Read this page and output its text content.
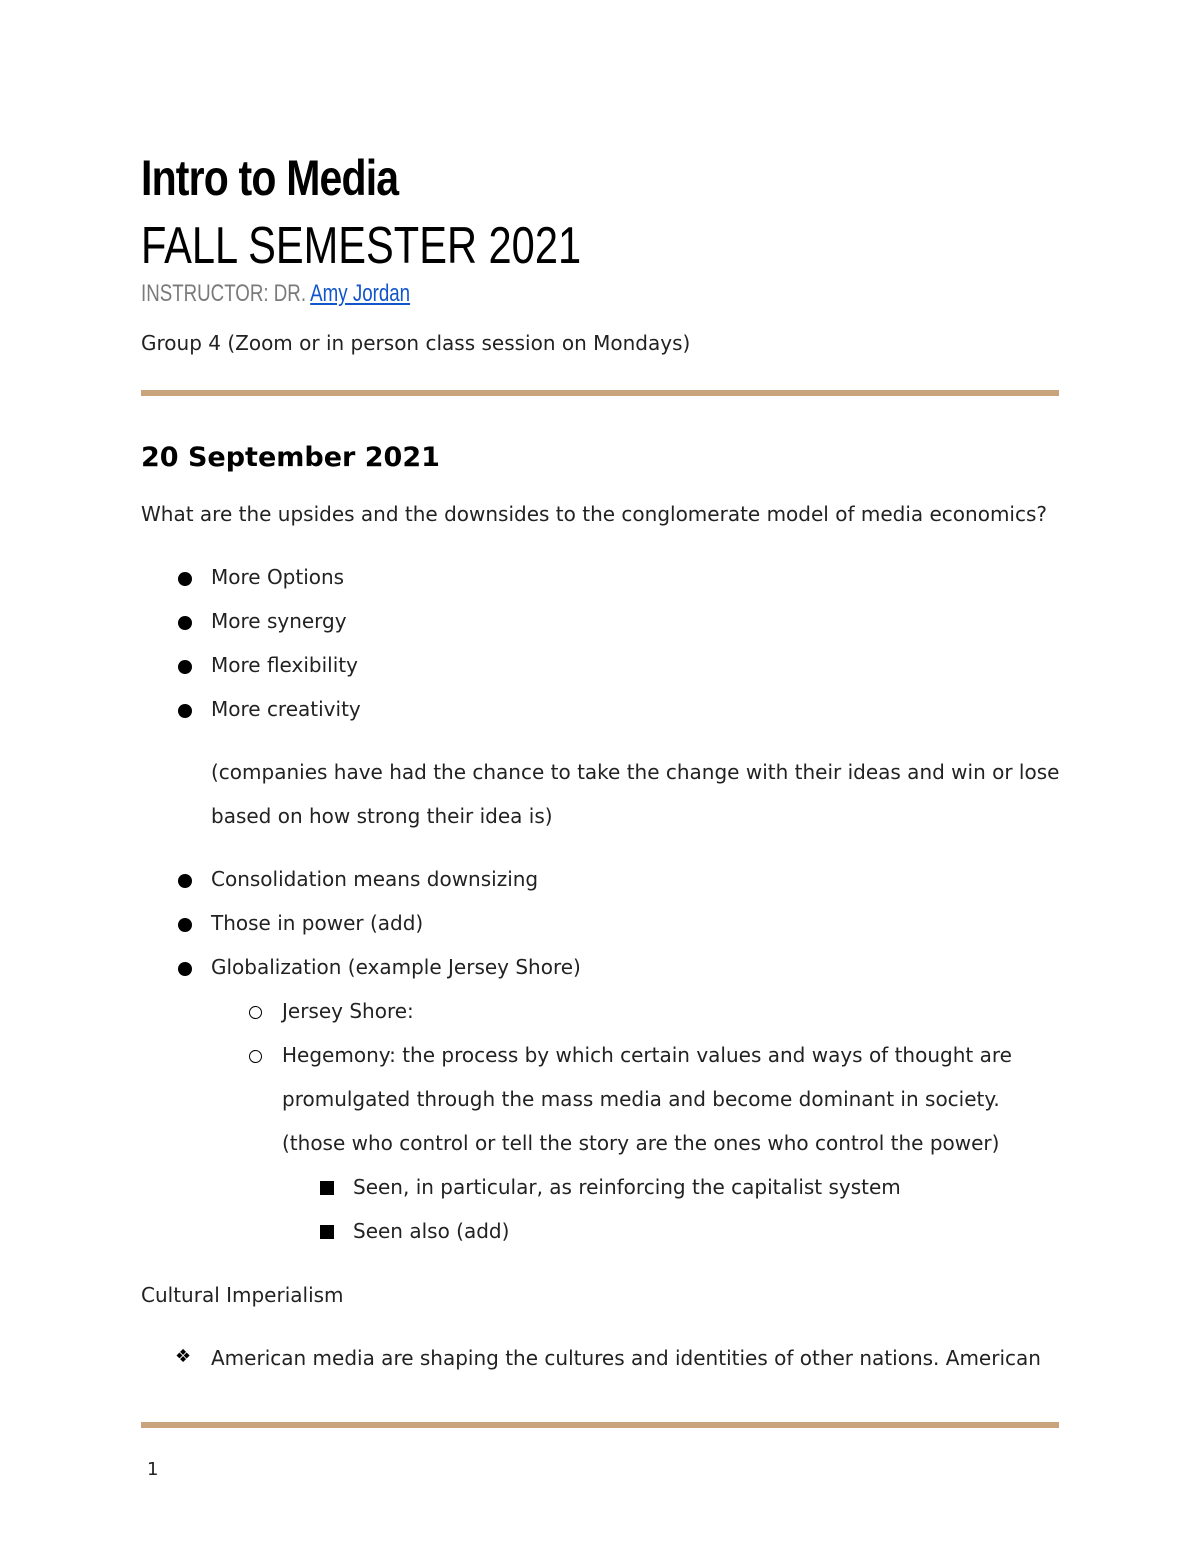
Intro to Media
FALL SEMESTER 2021
INSTRUCTOR: DR. Amy Jordan
Group 4 (Zoom or in person class session on Mondays)
20 September 2021
What are the upsides and the downsides to the conglomerate model of media economics?
More Options
More synergy
More flexibility
More creativity
(companies have had the chance to take the change with their ideas and win or lose
based on how strong their idea is)
Consolidation means downsizing
Those in power (add)
Globalization (example Jersey Shore)
Jersey Shore:
Hegemony: the process by which certain values and ways of thought are
promulgated through the mass media and become dominant in society.
(those who control or tell the story are the ones who control the power)
Seen, in particular, as reinforcing the capitalist system
Seen also (add)
Cultural Imperialism
❖ American media are shaping the cultures and identities of other nations. American
1
